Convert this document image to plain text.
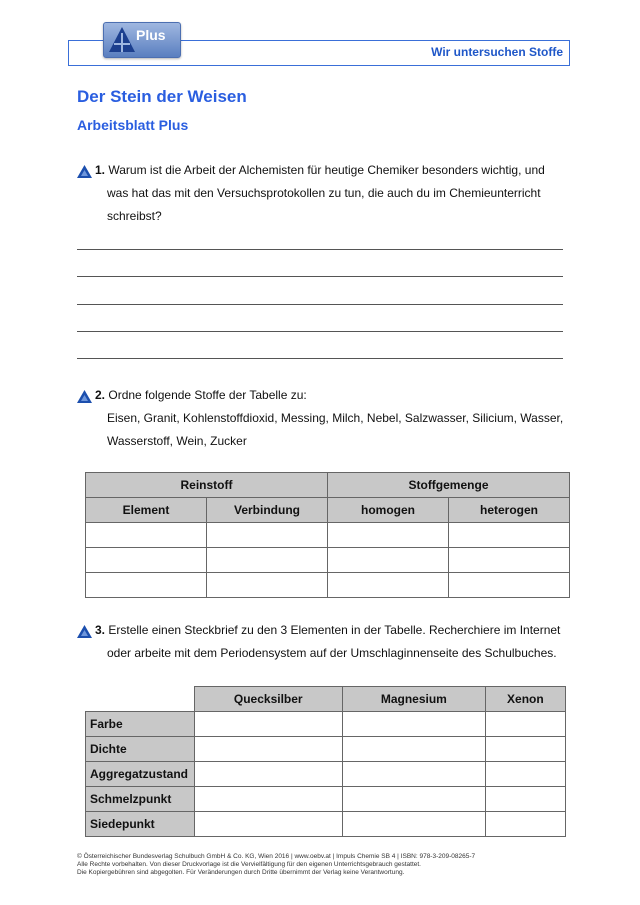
Plus
Wir untersuchen Stoffe
Der Stein der Weisen
Arbeitsblatt Plus
1. Warum ist die Arbeit der Alchemisten für heutige Chemiker besonders wichtig, und
was hat das mit den Versuchsprotokollen zu tun, die auch du im Chemieunterricht
schreibst?
2. Ordne folgende Stoffe der Tabelle zu:
Eisen, Granit, Kohlenstoffdioxid, Messing, Milch, Nebel, Salzwasser, Silicium, Wasser,
Wasserstoff, Wein, Zucker
Reinstoff		Stoffgemenge	
Element	Verbindung	homogen	heterogen

3. Erstelle einen Steckbrief zu den 3 Elementen in der Tabelle. Recherchiere im Internet
oder arbeite mit dem Periodensystem auf der Umschlaginnenseite des Schulbuches.
	Quecksilber	Magnesium	Xenon
Farbe			
Dichte			
Aggregatzustand			
Schmelzpunkt			
Siedepunkt			
© Österreichischer Bundesverlag Schulbuch GmbH & Co. KG, Wien 2016 | www.oebv.at | Impuls Chemie SB 4 | ISBN: 978-3-209-08265-7
Alle Rechte vorbehalten. Von dieser Druckvorlage ist die Vervielfältigung für den eigenen Unterrichtsgebrauch gestattet.
Die Kopiergebühren sind abgegolten. Für Veränderungen durch Dritte übernimmt der Verlag keine Verantwortung.
